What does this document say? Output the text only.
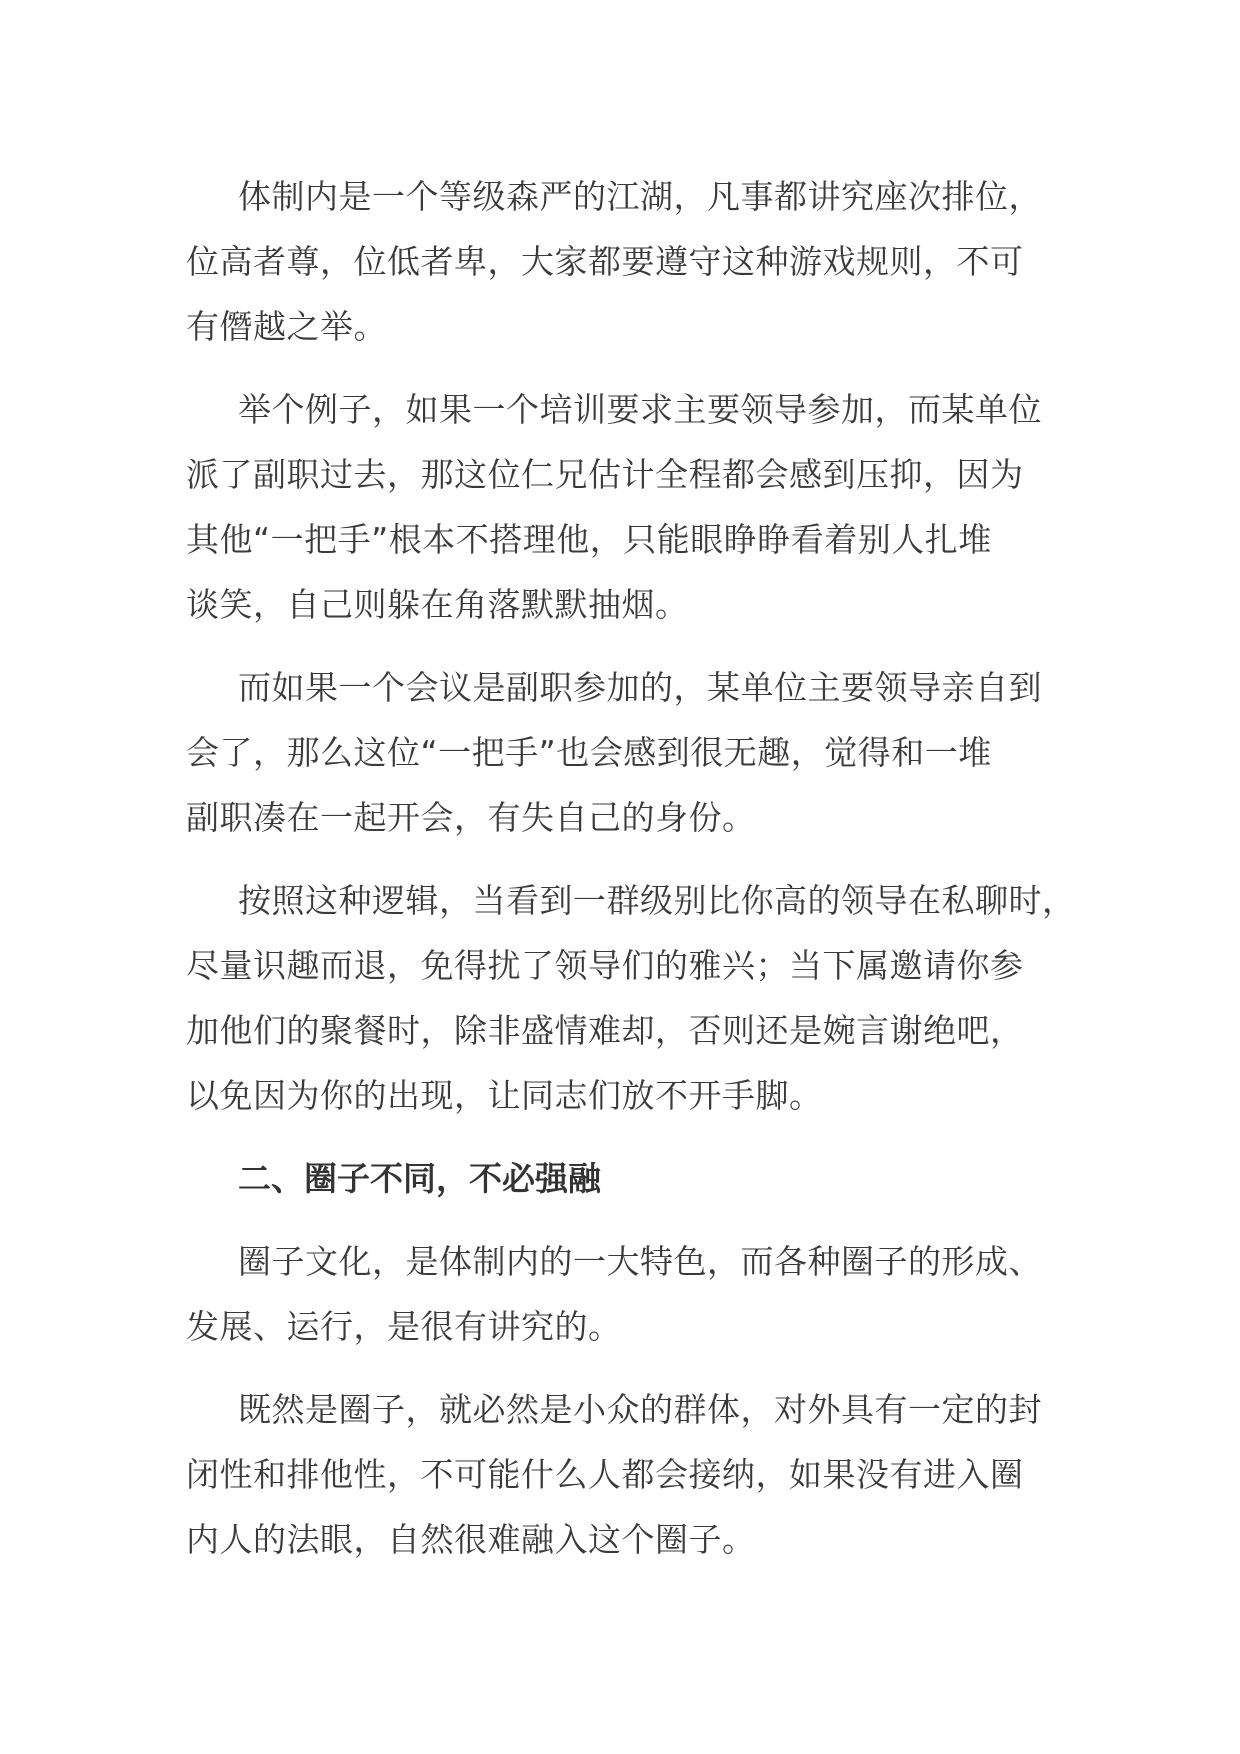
体制内是一个等级森严的江湖，凡事都讲究座次排位，
位高者尊，位低者卑，大家都要遵守这种游戏规则，不可
有僭越之举。

举个例子，如果一个培训要求主要领导参加，而某单位
派了副职过去，那这位仁兄估计全程都会感到压抑，因为
其他“一把手”根本不搭理他，只能眼睁睁看着别人扎堆
谈笑，自己则躲在角落默默抽烟。

而如果一个会议是副职参加的，某单位主要领导亲自到
会了，那么这位“一把手”也会感到很无趣，觉得和一堆
副职凑在一起开会，有失自己的身份。

按照这种逻辑，当看到一群级别比你高的领导在私聊时，
尽量识趣而退，免得扰了领导们的雅兴；当下属邀请你参
加他们的聚餐时，除非盛情难却，否则还是婉言谢绝吧，
以免因为你的出现，让同志们放不开手脚。

二、圈子不同，不必强融

圈子文化，是体制内的一大特色，而各种圈子的形成、
发展、运行，是很有讲究的。

既然是圈子，就必然是小众的群体，对外具有一定的封
闭性和排他性，不可能什么人都会接纳，如果没有进入圈
内人的法眼，自然很难融入这个圈子。
